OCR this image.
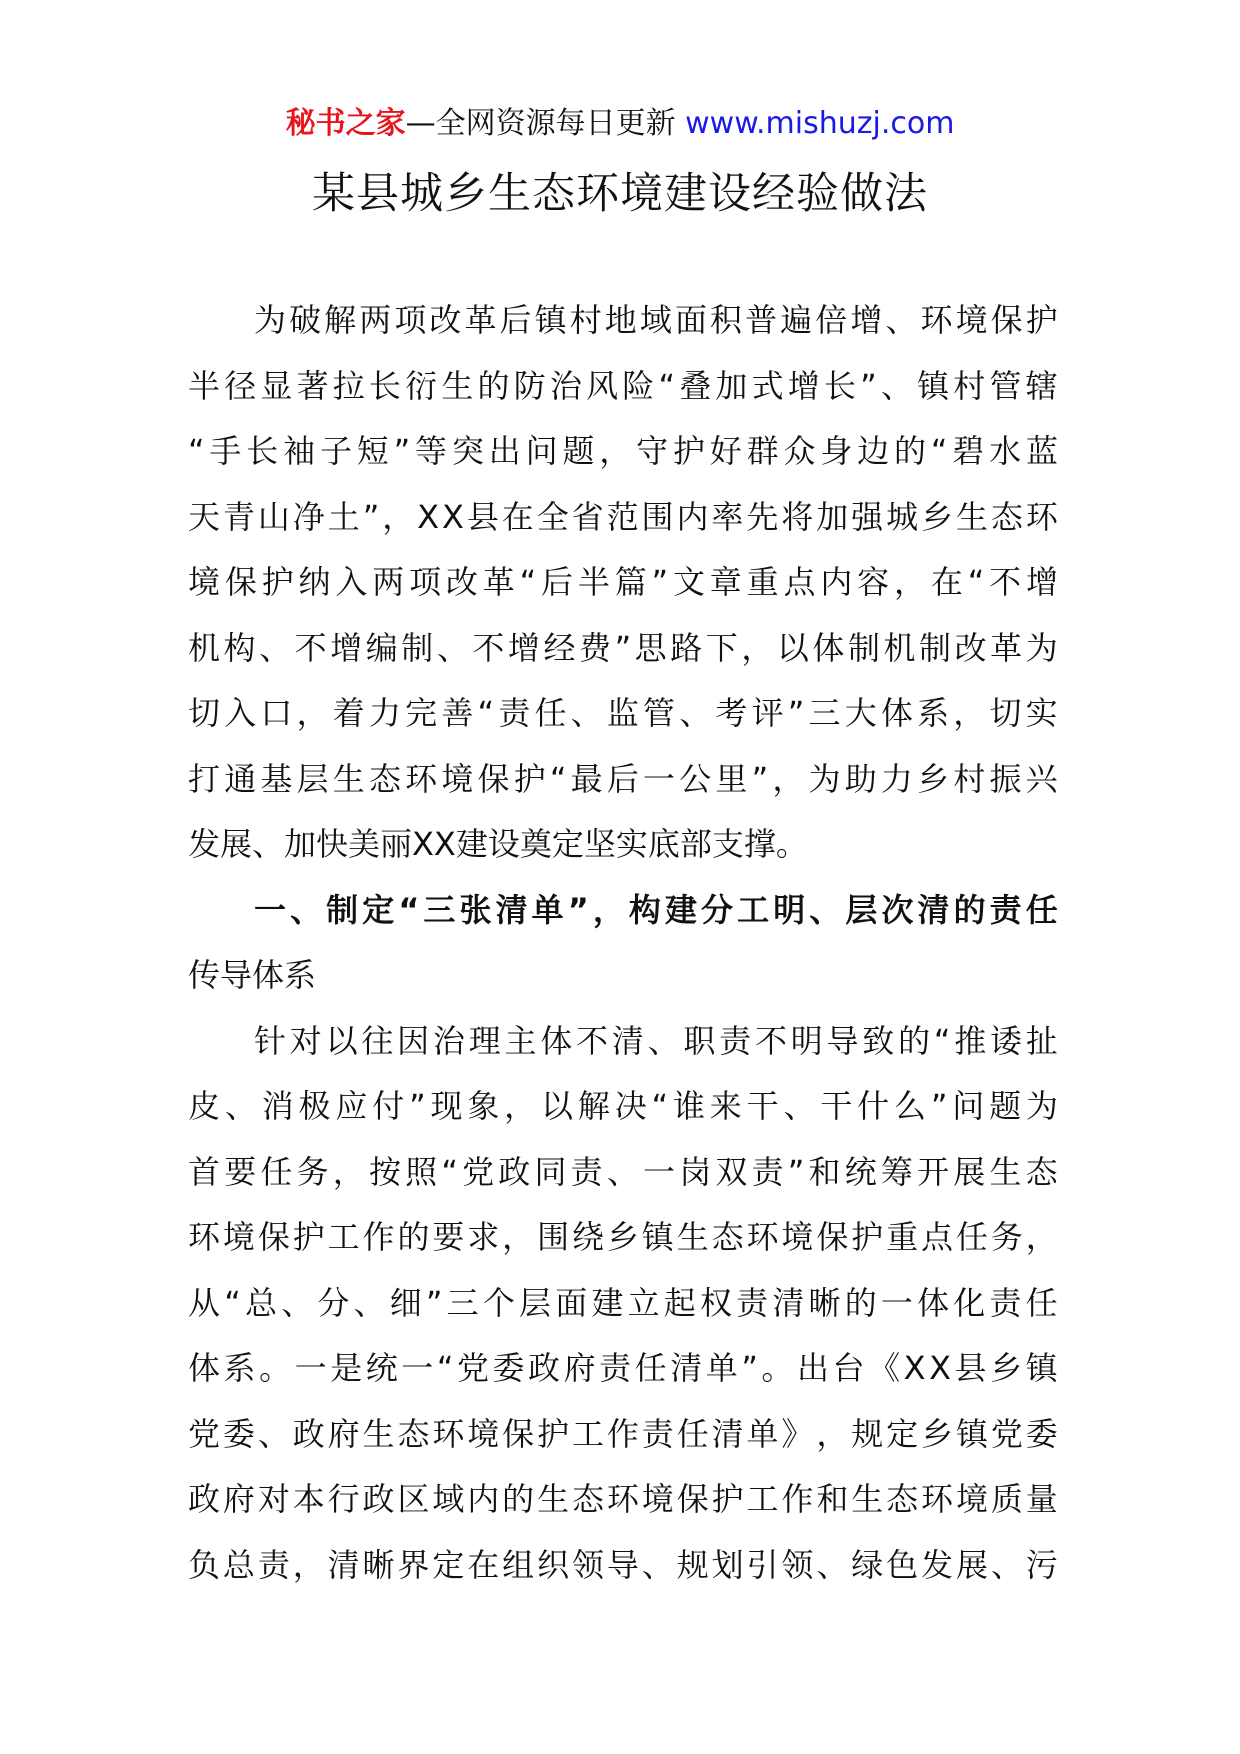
秘书之家—全网资源每日更新 www.mishuzj.com
某县城乡生态环境建设经验做法
为 破 解 两 项 改 革 后 镇 村 地 域 面 积 普 遍 倍 增 、 环 境 保 护
半 径 显 著 拉 长 衍 生 的 防 治 风 险 “ 叠 加 式 增 长 ” 、 镇 村 管 辖
“ 手 长 袖 子 短 ” 等 突 出 问 题 ， 守 护 好 群 众 身 边 的 “ 碧 水 蓝
天 青 山 净 土 ” ， X X 县 在 全 省 范 围 内 率 先 将 加 强 城 乡 生 态 环
境 保 护 纳 入 两 项 改 革 “ 后 半 篇 ” 文 章 重 点 内 容 ， 在 “ 不 增
机 构 、 不 增 编 制 、 不 增 经 费 ” 思 路 下 ， 以 体 制 机 制 改 革 为
切 入 口 ， 着 力 完 善 “ 责 任 、 监 管 、 考 评 ” 三 大 体 系 ， 切 实
打 通 基 层 生 态 环 境 保 护 “ 最 后 一 公 里 ” ， 为 助 力 乡 村 振 兴
发展、加快美丽XX建设奠定坚实底部支撑。
一 、 制 定 “ 三 张 清 单 ” ， 构 建 分 工 明 、 层 次 清 的 责 任
传导体系
针 对 以 往 因 治 理 主 体 不 清 、 职 责 不 明 导 致 的 “ 推 诿 扯
皮 、 消 极 应 付 ” 现 象 ， 以 解 决 “ 谁 来 干 、 干 什 么 ” 问 题 为
首 要 任 务 ， 按 照 “ 党 政 同 责 、 一 岗 双 责 ” 和 统 筹 开 展 生 态
环 境 保 护 工 作 的 要 求 ， 围 绕 乡 镇 生 态 环 境 保 护 重 点 任 务 ，
从 “ 总 、 分 、 细 ” 三 个 层 面 建 立 起 权 责 清 晰 的 一 体 化 责 任
体 系 。 一 是 统 一 “ 党 委 政 府 责 任 清 单 ” 。 出 台 《 X X 县 乡 镇
党 委 、 政 府 生 态 环 境 保 护 工 作 责 任 清 单 》 ， 规 定 乡 镇 党 委
政 府 对 本 行 政 区 域 内 的 生 态 环 境 保 护 工 作 和 生 态 环 境 质 量
负 总 责 ， 清 晰 界 定 在 组 织 领 导 、 规 划 引 领 、 绿 色 发 展 、 污
